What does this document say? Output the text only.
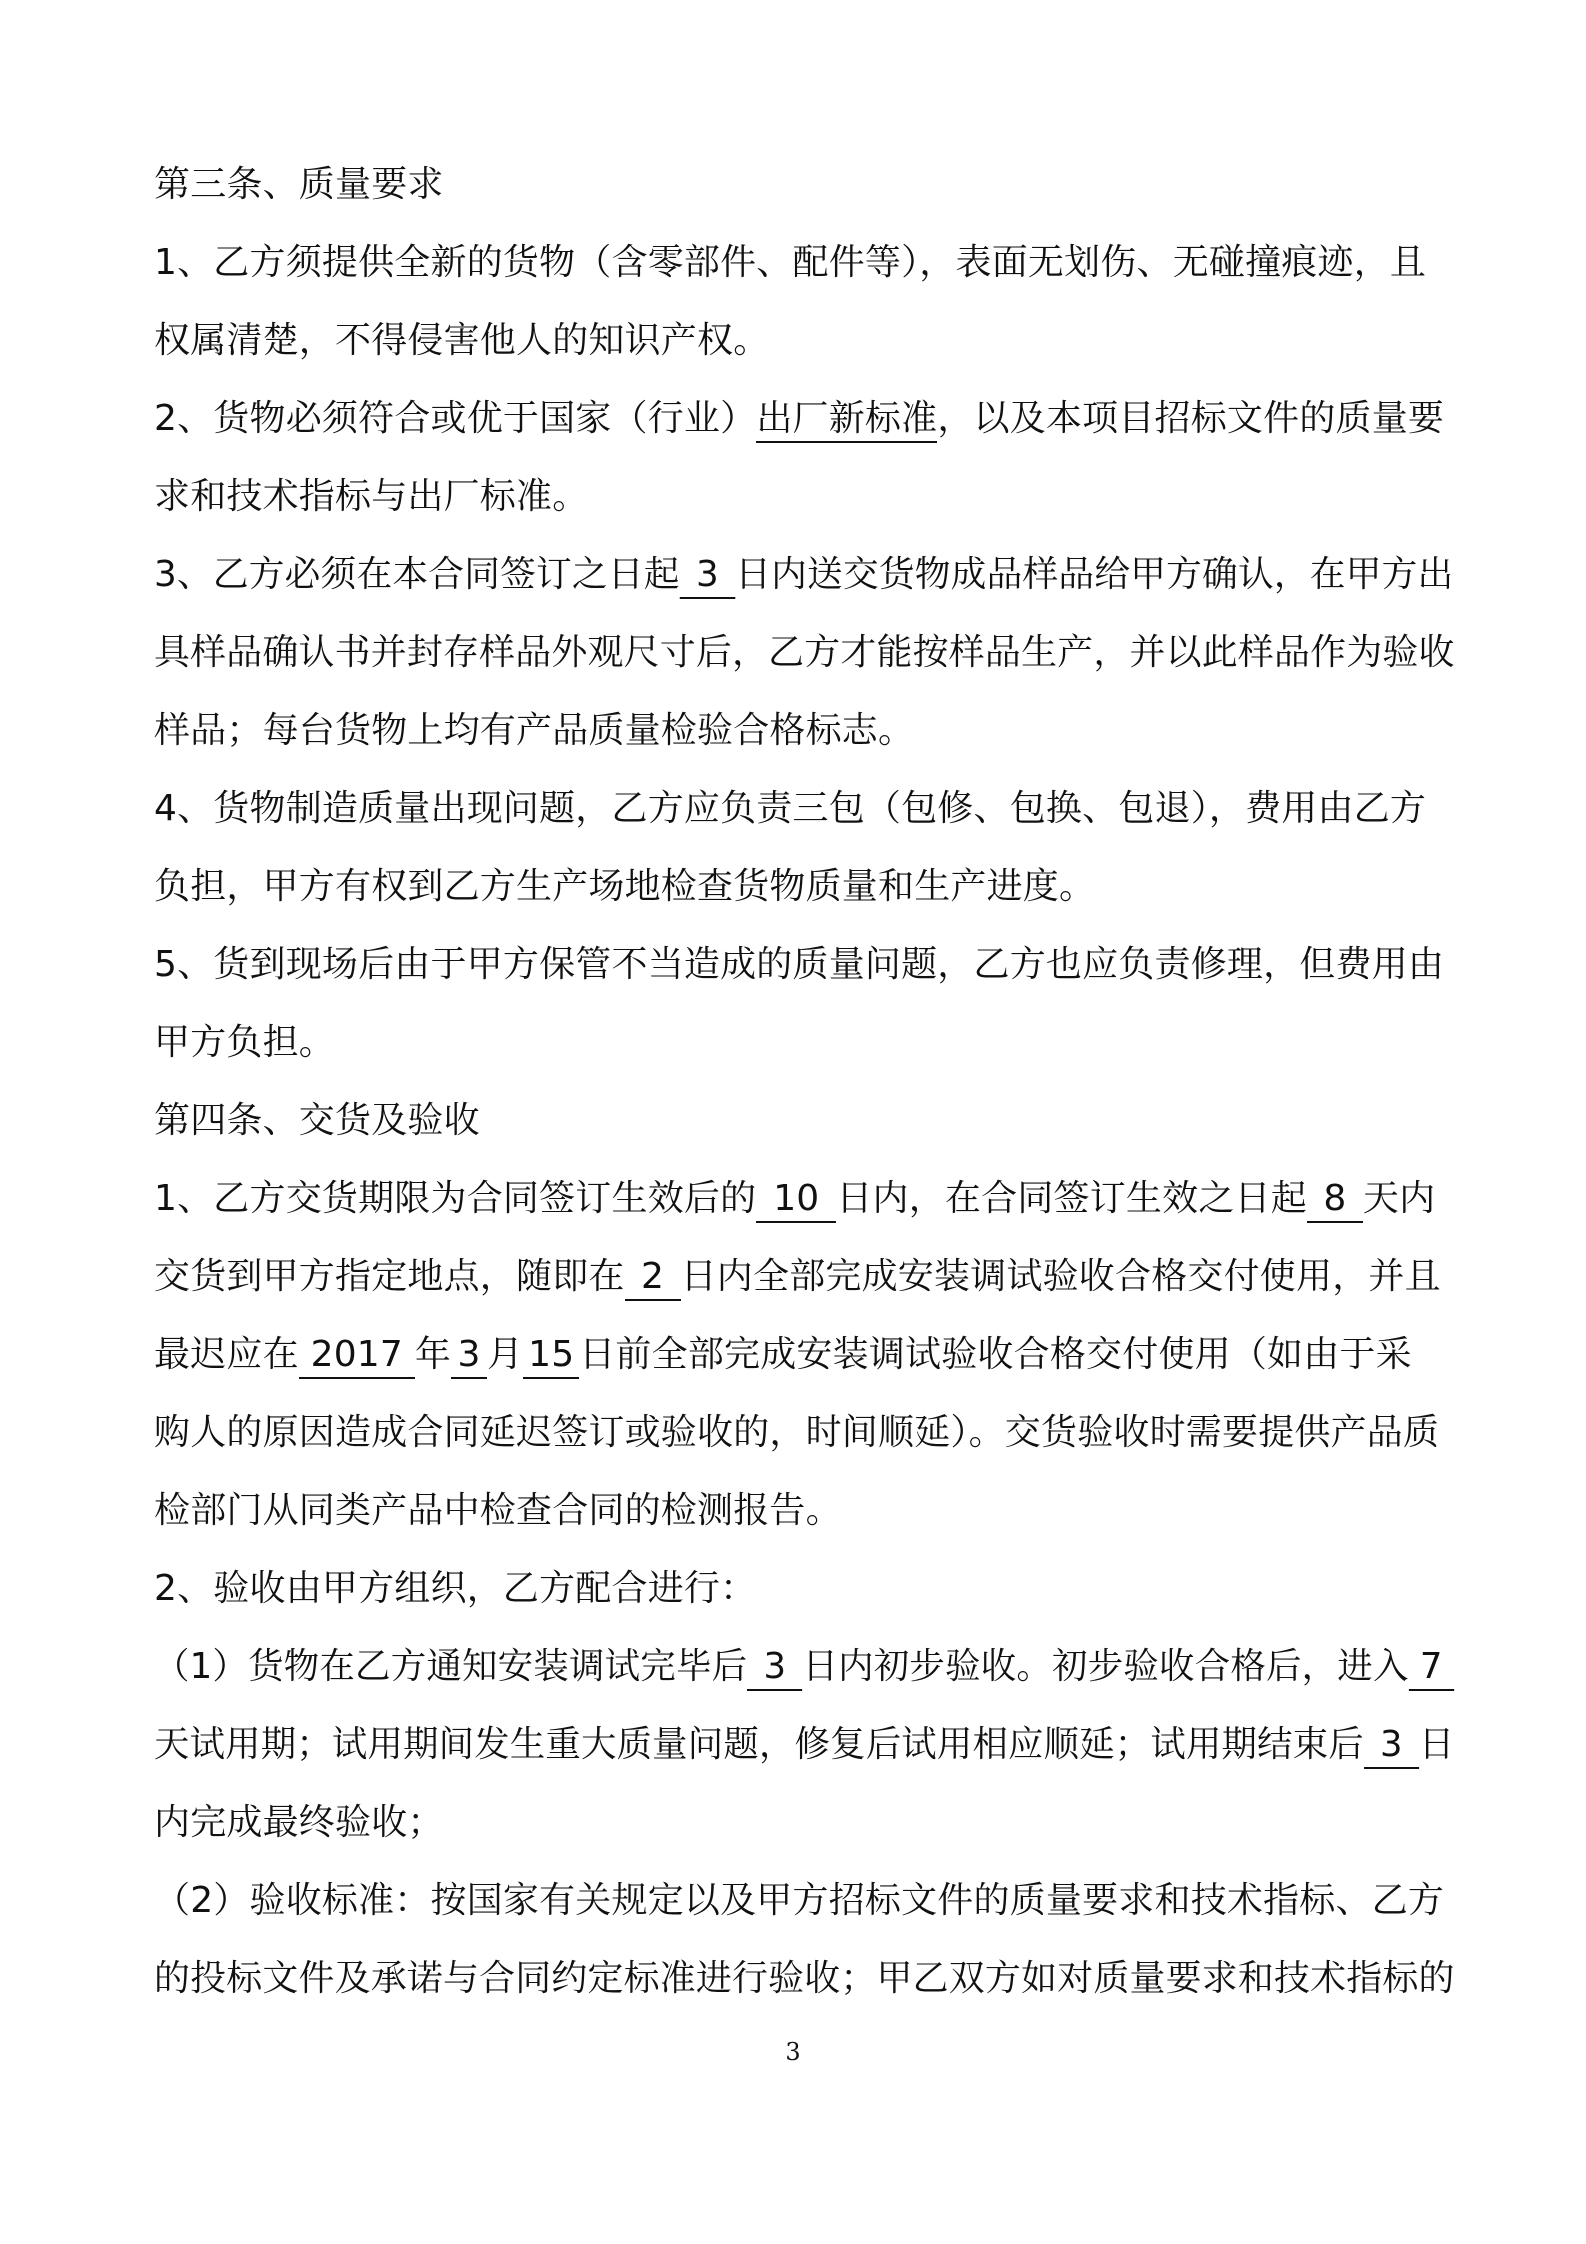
第三条、质量要求
1、乙方须提供全新的货物（含零部件、配件等），表面无划伤、无碰撞痕迹，且
权属清楚，不得侵害他人的知识产权。
2、货物必须符合或优于国家（行业）出厂新标准，以及本项目招标文件的质量要
求和技术指标与出厂标准。
3、乙方必须在本合同签订之日起 3 日内送交货物成品样品给甲方确认，在甲方出
具样品确认书并封存样品外观尺寸后，乙方才能按样品生产，并以此样品作为验收
样品；每台货物上均有产品质量检验合格标志。
4、货物制造质量出现问题，乙方应负责三包（包修、包换、包退），费用由乙方
负担，甲方有权到乙方生产场地检查货物质量和生产进度。
5、货到现场后由于甲方保管不当造成的质量问题，乙方也应负责修理，但费用由
甲方负担。
第四条、交货及验收
1、乙方交货期限为合同签订生效后的 10 日内，在合同签订生效之日起 8 天内
交货到甲方指定地点，随即在 2 日内全部完成安装调试验收合格交付使用，并且
最迟应在 2017 年 3 月 15 日前全部完成安装调试验收合格交付使用（如由于采
购人的原因造成合同延迟签订或验收的，时间顺延）。交货验收时需要提供产品质
检部门从同类产品中检查合同的检测报告。
2、验收由甲方组织，乙方配合进行：
（1）货物在乙方通知安装调试完毕后 3 日内初步验收。初步验收合格后，进入 7
天试用期；试用期间发生重大质量问题，修复后试用相应顺延；试用期结束后 3 日
内完成最终验收；
（2）验收标准：按国家有关规定以及甲方招标文件的质量要求和技术指标、乙方
的投标文件及承诺与合同约定标准进行验收；甲乙双方如对质量要求和技术指标的
3
